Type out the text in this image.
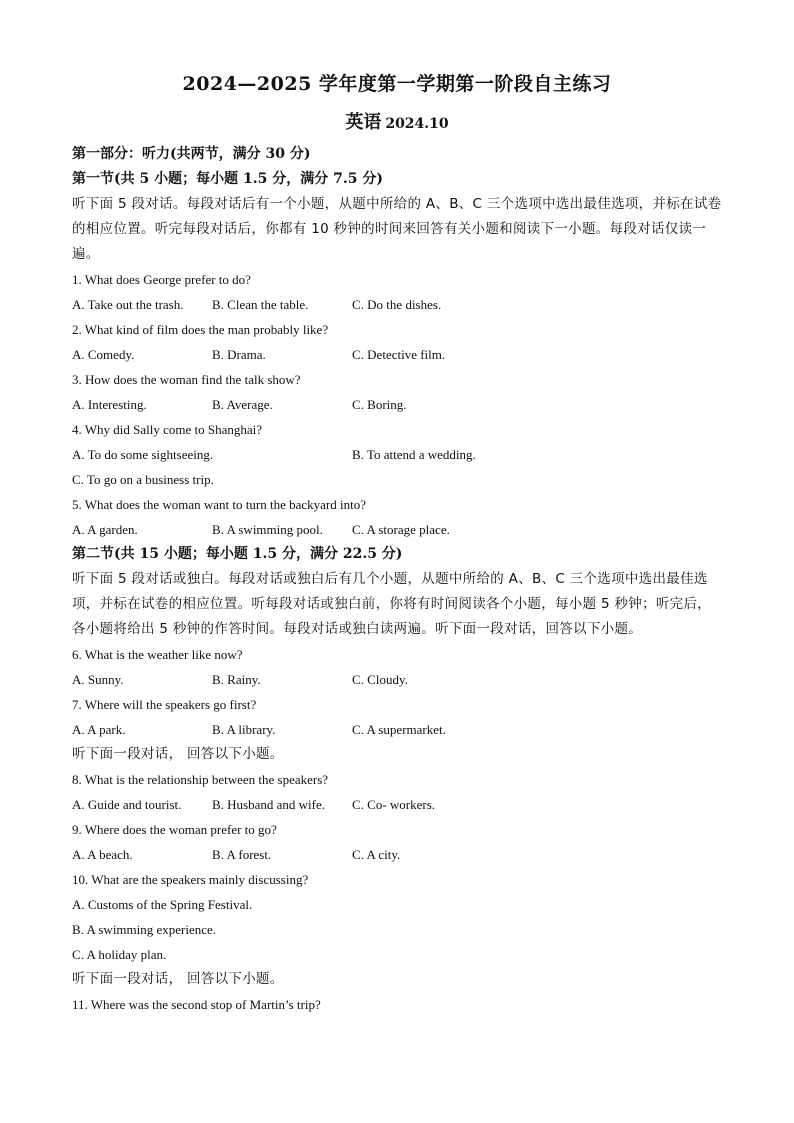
2024—2025 学年度第一学期第一阶段自主练习
英语 2024.10

第一部分：听力(共两节，满分 30 分)

第一节(共 5 小题；每小题 1.5 分，满分 7.5 分)

听下面 5 段对话。每段对话后有一个小题，从题中所给的 A、B、C 三个选项中选出最佳选项，并标在试卷的相应位置。听完每段对话后，你都有 10 秒钟的时间来回答有关小题和阅读下一小题。每段对话仅读一遍。

1. What does George prefer to do?

A. Take out the trash.	B. Clean the table.	C. Do the dishes.

2. What kind of film does the man probably like?

A. Comedy.	B. Drama.	C. Detective film.

3. How does the woman find the talk show?

A. Interesting.	B. Average.	C. Boring.

4. Why did Sally come to Shanghai?

A. To do some sightseeing.	B. To attend a wedding.

C. To go on a business trip.

5. What does the woman want to turn the backyard into?

A. A garden.	B. A swimming pool.	C. A storage place.

第二节(共 15 小题；每小题 1.5 分，满分 22.5 分)

听下面 5 段对话或独白。每段对话或独白后有几个小题，从题中所给的 A、B、C 三个选项中选出最佳选项，并标在试卷的相应位置。听每段对话或独白前，你将有时间阅读各个小题，每小题 5 秒钟；听完后，各小题将给出 5 秒钟的作答时间。每段对话或独白读两遍。听下面一段对话，回答以下小题。

6. What is the weather like now?

A. Sunny.	B. Rainy.	C. Cloudy.

7. Where will the speakers go first?

A. A park.	B. A library.	C. A supermarket.

听下面一段对话， 回答以下小题。

8. What is the relationship between the speakers?

A. Guide and tourist.	B. Husband and wife.	C. Co- workers.

9. Where does the woman prefer to go?

A. A beach.	B. A forest.	C. A city.

10. What are the speakers mainly discussing?

A. Customs of the Spring Festival.

B. A swimming experience.

C. A holiday plan.

听下面一段对话， 回答以下小题。

11. Where was the second stop of Martin’s trip?
